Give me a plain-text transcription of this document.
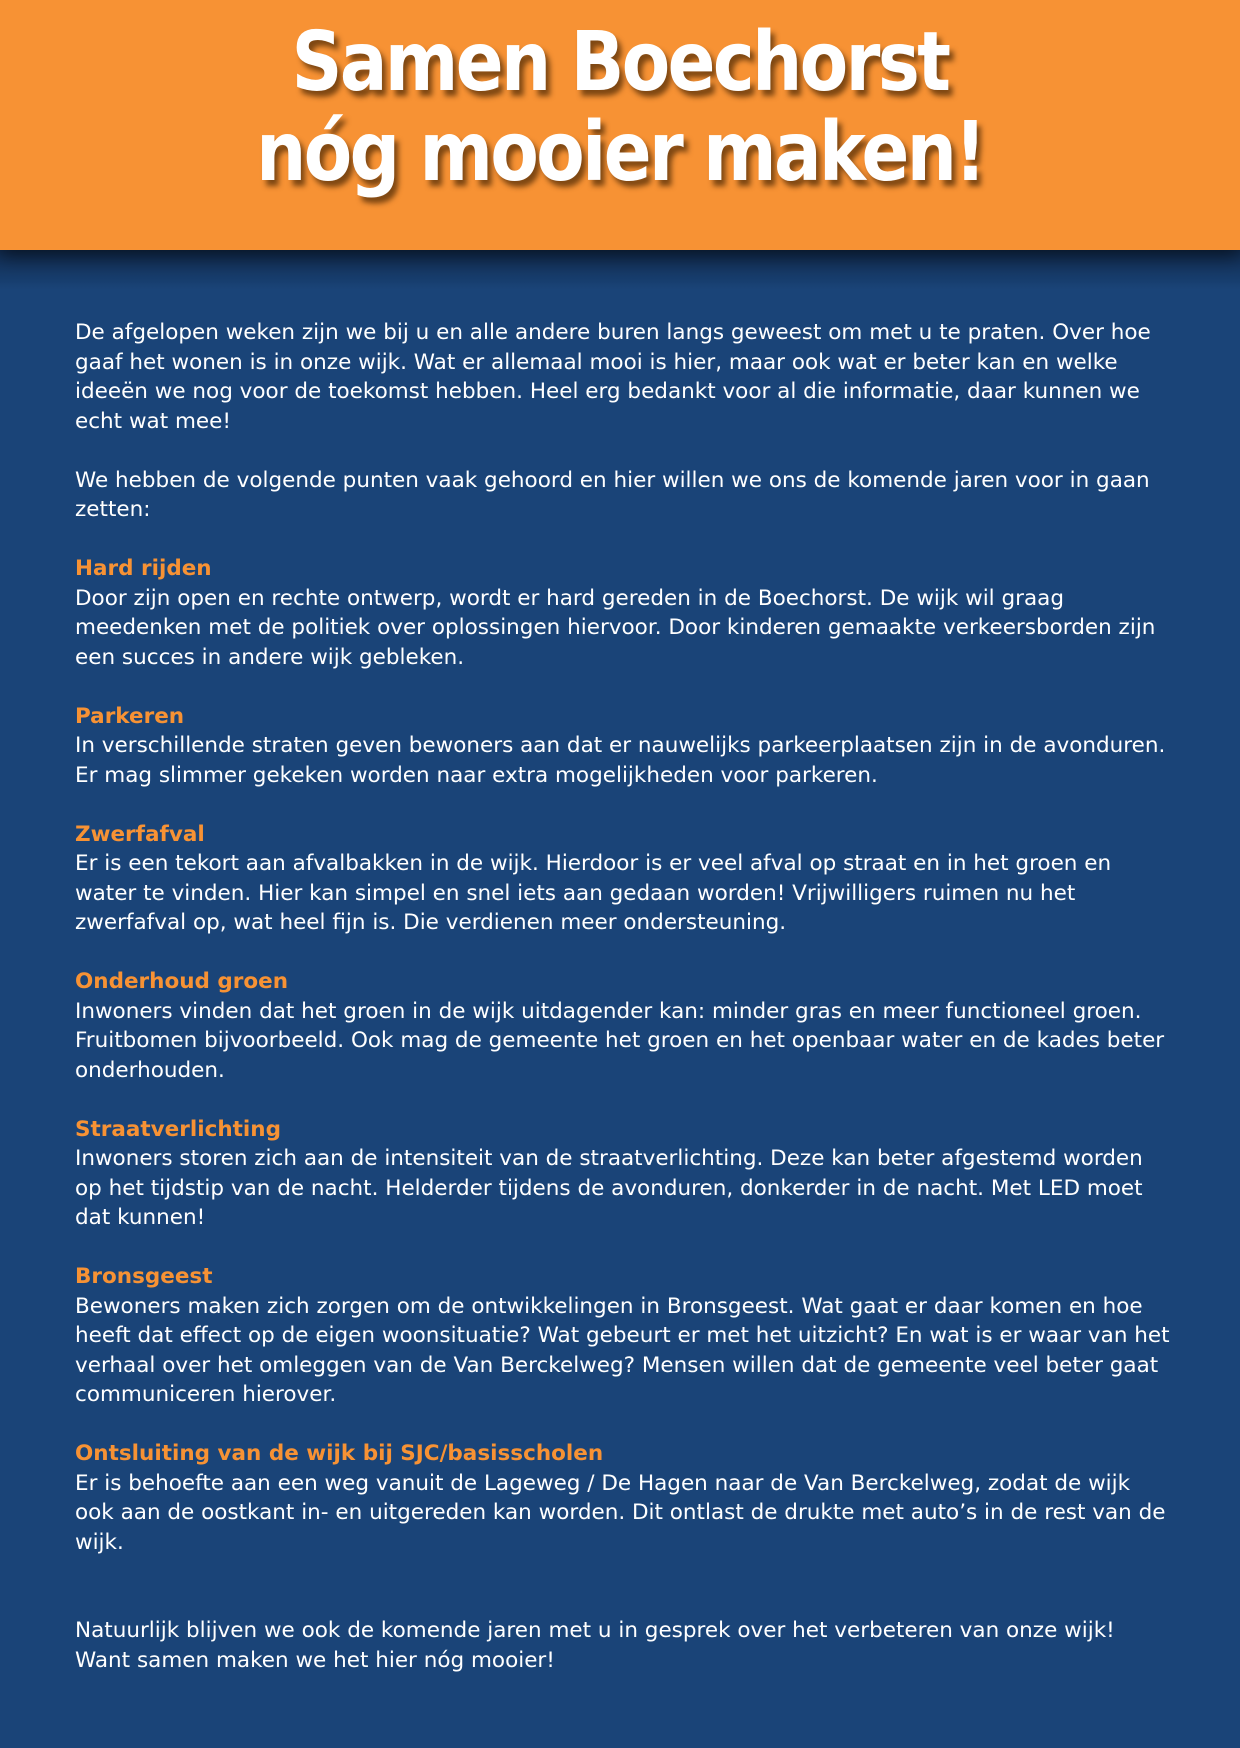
Samen Boechorst
nóg mooier maken!

De afgelopen weken zijn we bij u en alle andere buren langs geweest om met u te praten. Over hoe gaaf het wonen is in onze wijk. Wat er allemaal mooi is hier, maar ook wat er beter kan en welke ideeën we nog voor de toekomst hebben. Heel erg bedankt voor al die informatie, daar kunnen we echt wat mee!

We hebben de volgende punten vaak gehoord en hier willen we ons de komende jaren voor in gaan zetten:

Hard rijden

Door zijn open en rechte ontwerp, wordt er hard gereden in de Boechorst. De wijk wil graag meedenken met de politiek over oplossingen hiervoor. Door kinderen gemaakte verkeersborden zijn een succes in andere wijk gebleken.

Parkeren

In verschillende straten geven bewoners aan dat er nauwelijks parkeerplaatsen zijn in de avonduren. Er mag slimmer gekeken worden naar extra mogelijkheden voor parkeren.

Zwerfafval

Er is een tekort aan afvalbakken in de wijk. Hierdoor is er veel afval op straat en in het groen en water te vinden. Hier kan simpel en snel iets aan gedaan worden! Vrijwilligers ruimen nu het zwerfafval op, wat heel fijn is. Die verdienen meer ondersteuning.

Onderhoud groen

Inwoners vinden dat het groen in de wijk uitdagender kan: minder gras en meer functioneel groen. Fruitbomen bijvoorbeeld. Ook mag de gemeente het groen en het openbaar water en de kades beter onderhouden.

Straatverlichting

Inwoners storen zich aan de intensiteit van de straatverlichting. Deze kan beter afgestemd worden op het tijdstip van de nacht. Helderder tijdens de avonduren, donkerder in de nacht. Met LED moet dat kunnen!

Bronsgeest

Bewoners maken zich zorgen om de ontwikkelingen in Bronsgeest. Wat gaat er daar komen en hoe heeft dat effect op de eigen woonsituatie? Wat gebeurt er met het uitzicht? En wat is er waar van het verhaal over het omleggen van de Van Berckelweg? Mensen willen dat de gemeente veel beter gaat communiceren hierover.

Ontsluiting van de wijk bij SJC/basisscholen

Er is behoefte aan een weg vanuit de Lageweg / De Hagen naar de Van Berckelweg, zodat de wijk ook aan de oostkant in- en uitgereden kan worden. Dit ontlast de drukte met auto’s in de rest van de wijk.

Natuurlijk blijven we ook de komende jaren met u in gesprek over het verbeteren van onze wijk! Want samen maken we het hier nóg mooier!
